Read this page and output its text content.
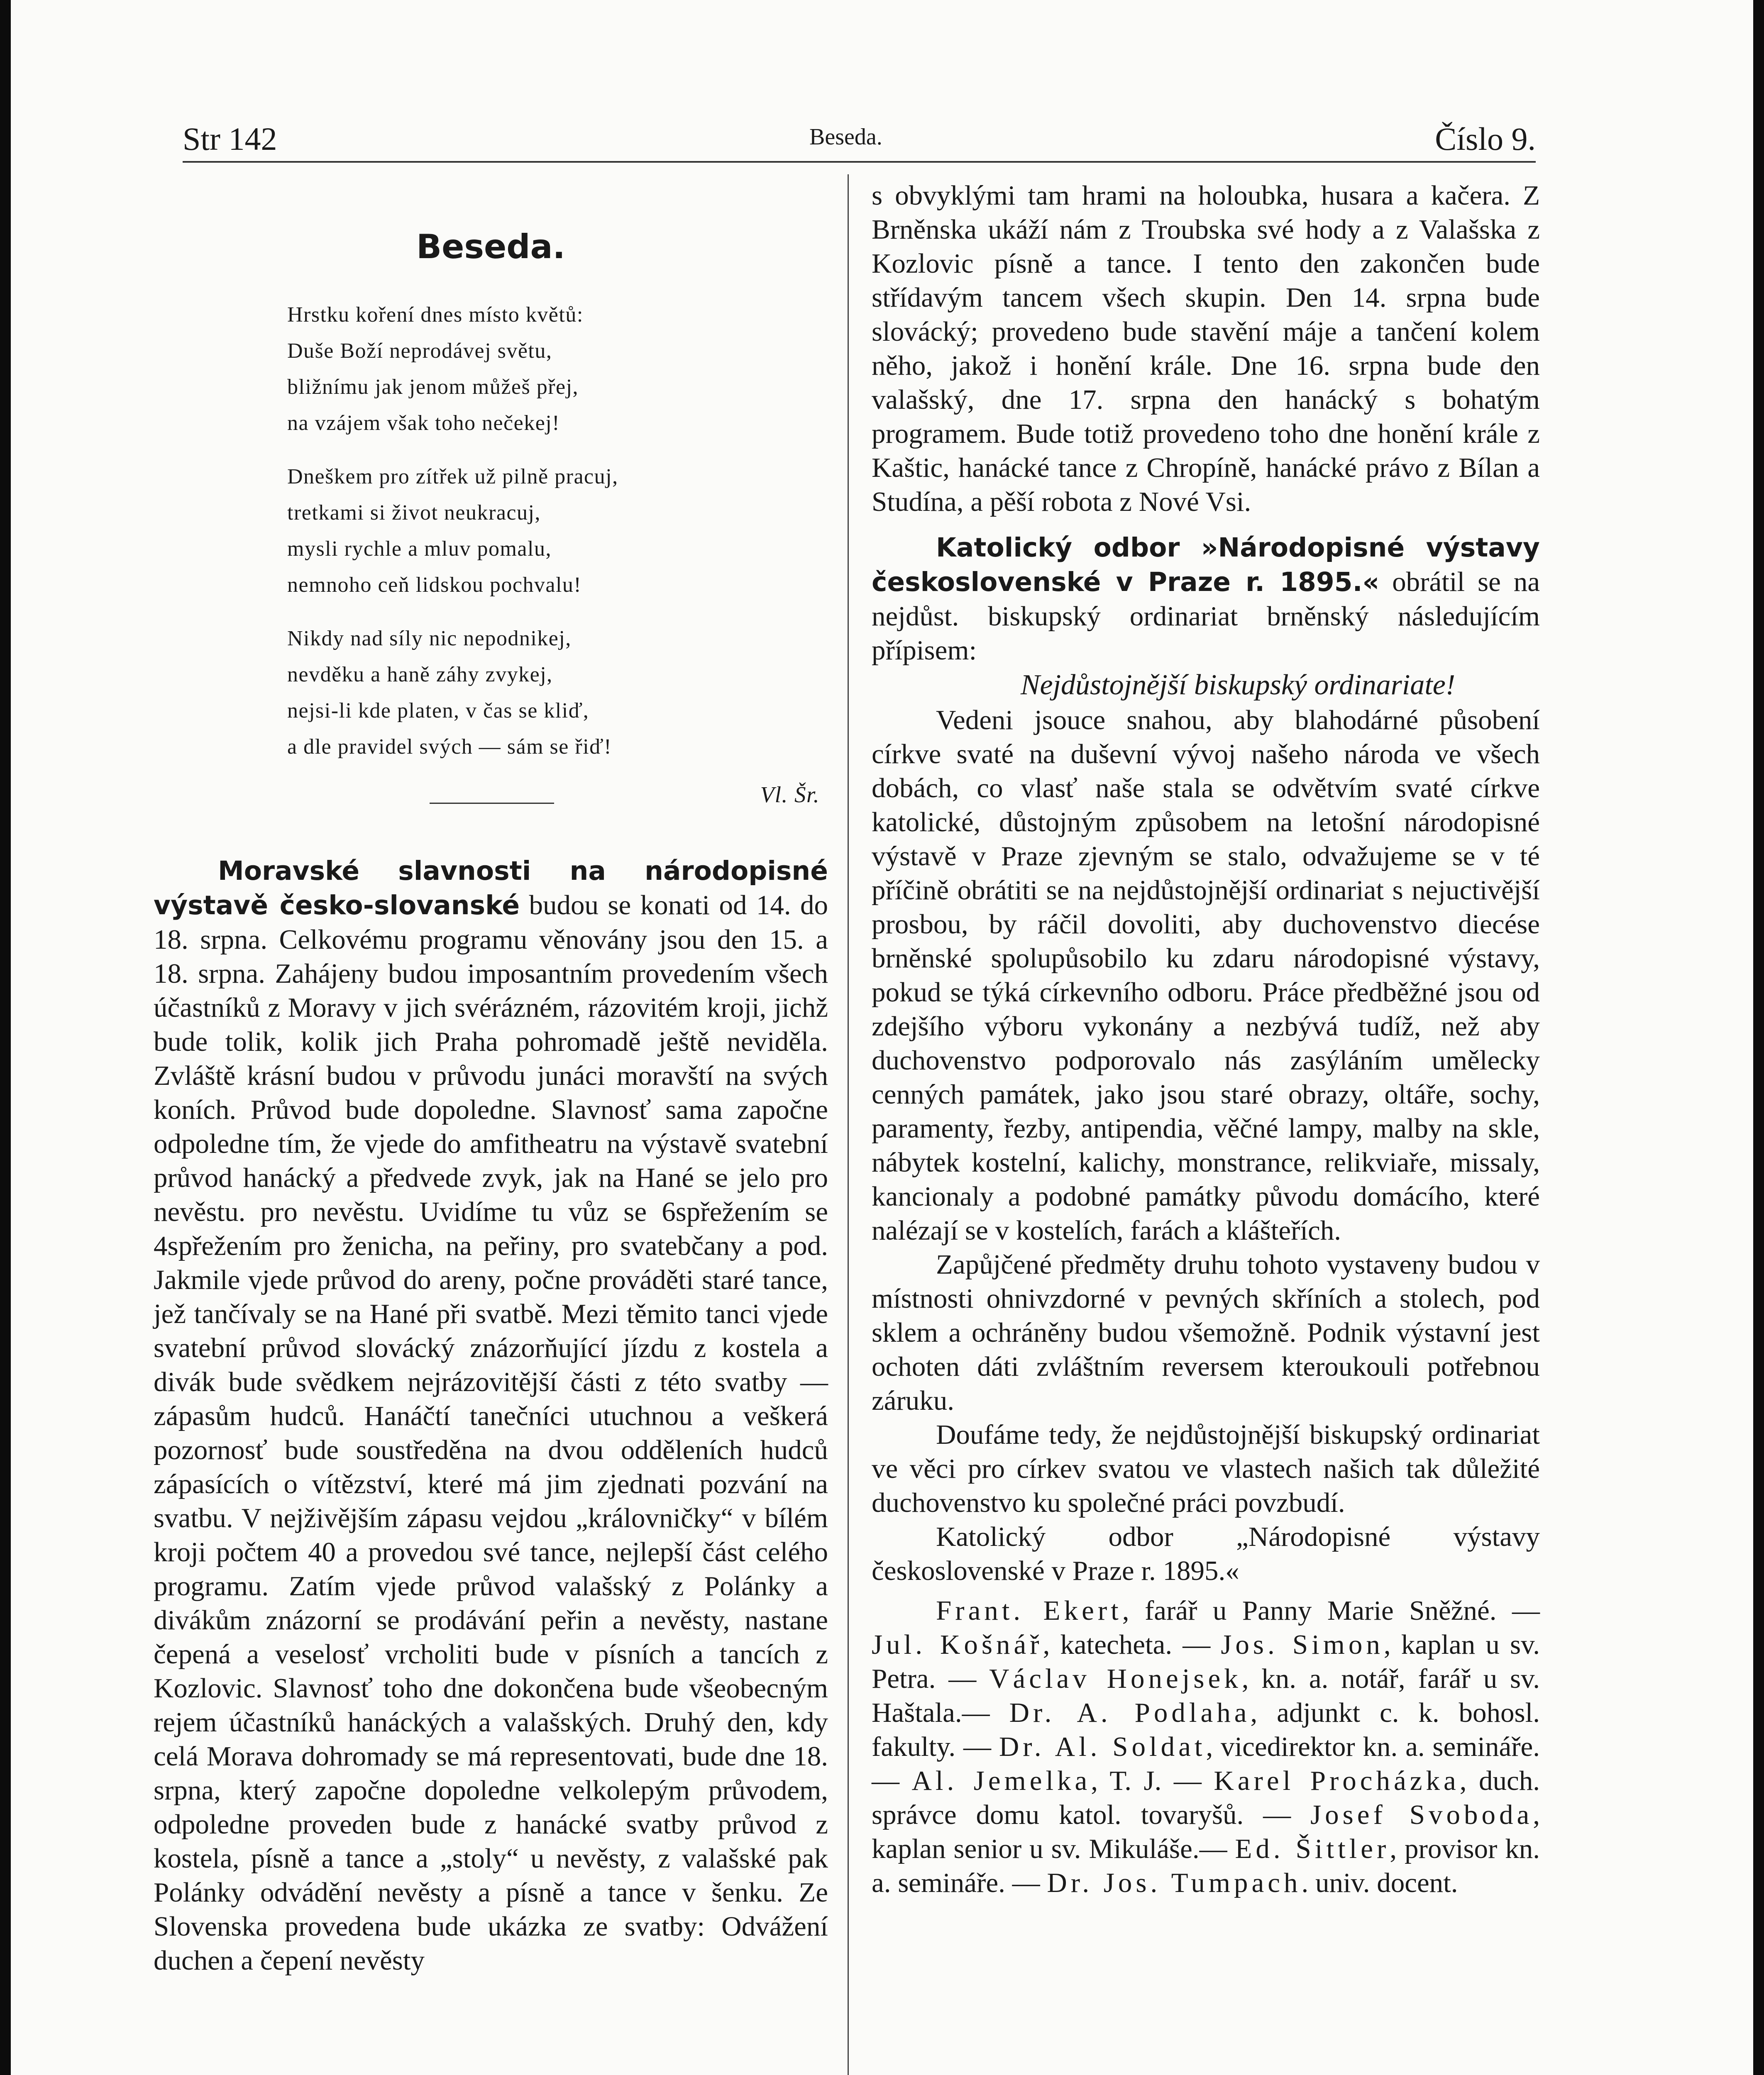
Str 142	Beseda.	Číslo 9.
Beseda.
Hrstku koření dnes místo květů:
Duše Boží neprodávej světu,
bližnímu jak jenom můžeš přej,
na vzájem však toho nečekej!
Dneškem pro zítřek už pilně pracuj,
tretkami si život neukracuj,
mysli rychle a mluv pomalu,
nemnoho ceň lidskou pochvalu!
Nikdy nad síly nic nepodnikej,
nevděku a haně záhy zvykej,
nejsi-li kde platen, v čas se kliď,
a dle pravidel svých — sám se řiď!
Vl. Šr.

Moravské slavnosti na národopisné výstavě česko-slovanské budou se konati od 14. do 18. srpna. Celkovému programu věnovány jsou den 15. a 18. srpna. Zahájeny budou imposantním provedením všech účastníků z Moravy v jich svérázném, rázovitém kroji, jichž bude tolik, kolik jich Praha pohromadě ještě neviděla. Zvláště krásní budou v průvodu junáci moravští na svých koních. Průvod bude dopoledne. Slavnosť sama započne odpoledne tím, že vjede do amfitheatru na výstavě svatební průvod hanácký a předvede zvyk, jak na Hané se jelo pro nevěstu. pro nevěstu. Uvidíme tu vůz se 6spřežením se 4spřežením pro ženicha, na peřiny, pro svatebčany a pod. Jakmile vjede průvod do areny, počne prováděti staré tance, jež tančívaly se na Hané při svatbě. Mezi těmito tanci vjede svatební průvod slovácký znázorňující jízdu z kostela a divák bude svědkem nejrázovitější části z této svatby — zápasům hudců. Hanáčtí tanečníci utuchnou a veškerá pozornosť bude soustředěna na dvou odděleních hudců zápasících o vítězství, které má jim zjednati pozvání na svatbu. V nejživějším zápasu vejdou „královničky“ v bílém kroji počtem 40 a provedou své tance, nejlepší část celého programu. Zatím vjede průvod valašský z Polánky a divákům znázorní se prodávání peřin a nevěsty, nastane čepená a veselosť vrcholiti bude v písních a tancích z Kozlovic. Slavnosť toho dne dokončena bude všeobecným rejem účastníků hanáckých a valašských. Druhý den, kdy celá Morava dohromady se má representovati, bude dne 18. srpna, který započne dopoledne velkolepým průvodem, odpoledne proveden bude z hanácké svatby průvod z kostela, písně a tance a „stoly“ u nevěsty, z valašské pak Polánky odvádění nevěsty a písně a tance v šenku. Ze Slovenska provedena bude ukázka ze svatby: Odvážení duchen a čepení nevěsty

s obvyklými tam hrami na holoubka, husara a kačera. Z Brněnska ukáží nám z Troubska své hody a z Valašska z Kozlovic písně a tance. I tento den zakončen bude střídavým tancem všech skupin. Den 14. srpna bude slovácký; provedeno bude stavění máje a tančení kolem něho, jakož i honění krále. Dne 16. srpna bude den valašský, dne 17. srpna den hanácký s bohatým programem. Bude totiž provedeno toho dne honění krále z Kaštic, hanácké tance z Chropíně, hanácké právo z Bílan a Studína, a pěší robota z Nové Vsi.

Katolický odbor »Národopisné výstavy československé v Praze r. 1895.« obrátil se na nejdůst. biskupský ordinariat brněnský následujícím přípisem:

Nejdůstojnější biskupský ordinariate!

Vedeni jsouce snahou, aby blahodárné působení církve svaté na duševní vývoj našeho národa ve všech dobách, co vlasť naše stala se odvětvím svaté církve katolické, důstojným způsobem na letošní národopisné výstavě v Praze zjevným se stalo, odvažujeme se v té příčině obrátiti se na nejdůstojnější ordinariat s nejuctivější prosbou, by ráčil dovoliti, aby duchovenstvo diecése brněnské spolupůsobilo ku zdaru národopisné výstavy, pokud se týká církevního odboru. Práce předběžné jsou od zdejšího výboru vykonány a nezbývá tudíž, než aby duchovenstvo podporovalo nás zasýláním umělecky cenných památek, jako jsou staré obrazy, oltáře, sochy, paramenty, řezby, antipendia, věčné lampy, malby na skle, nábytek kostelní, kalichy, monstrance, relikviaře, missaly, kancionaly a podobné památky původu domácího, které nalézají se v kostelích, farách a klášteřích.

Zapůjčené předměty druhu tohoto vystaveny budou v místnosti ohnivzdorné v pevných skříních a stolech, pod sklem a ochráněny budou všemožně. Podnik výstavní jest ochoten dáti zvláštním reversem kteroukouli potřebnou záruku.

Doufáme tedy, že nejdůstojnější biskupský ordinariat ve věci pro církev svatou ve vlastech našich tak důležité duchovenstvo ku společné práci povzbudí.

Katolický odbor „Národopisné výstavy československé v Praze r. 1895.«

Frant. Ekert, farář u Panny Marie Sněžné. — Jul. Košnář, katecheta. — Jos. Simon, kaplan u sv. Petra. — Václav Honejsek, kn. a. notář, farář u sv. Haštala.— Dr. A. Podlaha, adjunkt c. k. bohosl. fakulty. — Dr. Al. Soldat, vicedirektor kn. a. semináře. — Al. Jemelka, T. J. — Karel Procházka, duch. správce domu katol. tovaryšů. — Josef Svoboda, kaplan senior u sv. Mikuláše.— Ed. Šittler, provisor kn. a. semináře. — Dr. Jos. Tumpach. univ. docent.
